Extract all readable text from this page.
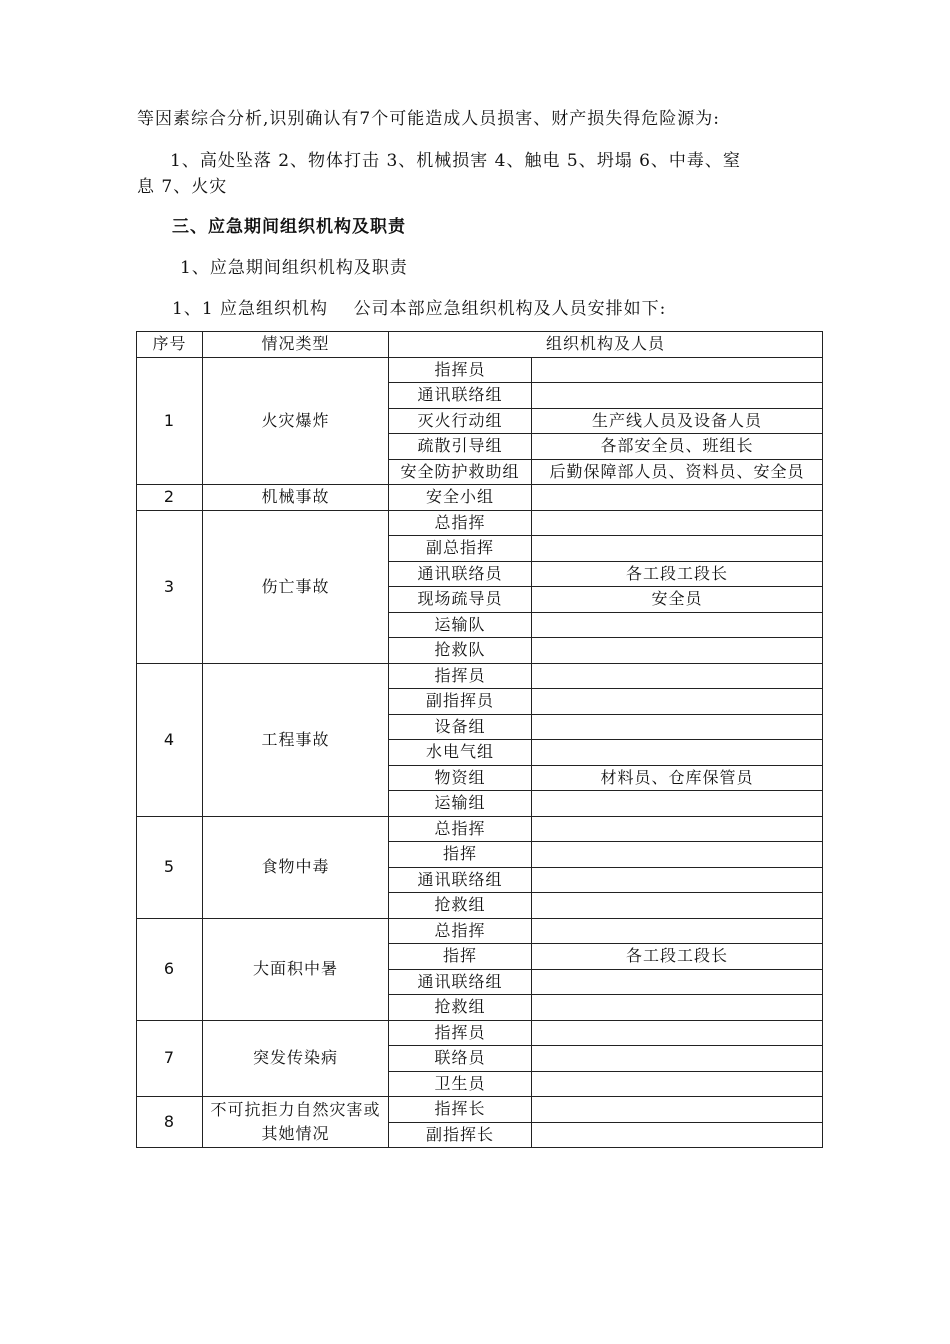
等因素综合分析,识别确认有7个可能造成人员损害、财产损失得危险源为:
1、高处坠落 2、物体打击 3、机械损害 4、触电 5、坍塌 6、中毒、窒
息 7、火灾
三、应急期间组织机构及职责
1、应急期间组织机构及职责
1、1 应急组织机构    公司本部应急组织机构及人员安排如下:
序号	情况类型	组织机构及人员	
1	火灾爆炸	指挥员	
		通讯联络组	
		灭火行动组	生产线人员及设备人员
		疏散引导组	各部安全员、班组长
		安全防护救助组	后勤保障部人员、资料员、安全员
2	机械事故	安全小组	
3	伤亡事故	总指挥	
		副总指挥	
		通讯联络员	各工段工段长
		现场疏导员	安全员
		运输队	
		抢救队	
4	工程事故	指挥员	
		副指挥员	
		设备组	
		水电气组	
		物资组	材料员、仓库保管员
		运输组	
5	食物中毒	总指挥	
		指挥	
		通讯联络组	
		抢救组	
6	大面积中暑	总指挥	
		指挥	各工段工段长
		通讯联络组	
		抢救组	
7	突发传染病	指挥员	
		联络员	
		卫生员	
8	不可抗拒力自然灾害或其她情况	指挥长	
		副指挥长	
